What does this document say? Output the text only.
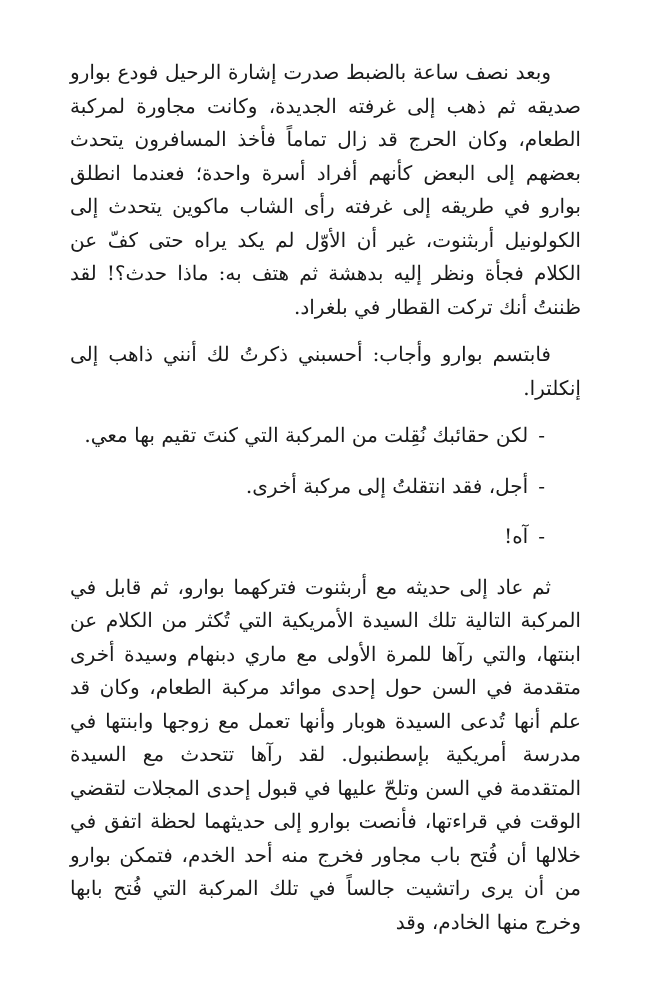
وبعد نصف ساعة بالضبط صدرت إشارة الرحيل فودع بوارو صديقه ثم ذهب إلى غرفته الجديدة، وكانت مجاورة لمركبة الطعام، وكان الحرج قد زال تماماً فأخذ المسافرون يتحدث بعضهم إلى البعض كأنهم أفراد أسرة واحدة؛ فعندما انطلق بوارو في طريقه إلى غرفته رأى الشاب ماكوين يتحدث إلى الكولونيل أربثنوت، غير أن الأوّل لم يكد يراه حتى كفّ عن الكلام فجأة ونظر إليه بدهشة ثم هتف به: ماذا حدث؟! لقد ظننتُ أنك تركت القطار في بلغراد.

فابتسم بوارو وأجاب: أحسبني ذكرتُ لك أنني ذاهب إلى إنكلترا.

-لكن حقائبك نُقِلت من المركبة التي كنتَ تقيم بها معي.
-أجل، فقد انتقلتُ إلى مركبة أخرى.
-آه!

ثم عاد إلى حديثه مع أربثنوت فتركهما بوارو، ثم قابل في المركبة التالية تلك السيدة الأمريكية التي تُكثر من الكلام عن ابنتها، والتي رآها للمرة الأولى مع ماري دبنهام وسيدة أخرى متقدمة في السن حول إحدى موائد مركبة الطعام، وكان قد علم أنها تُدعى السيدة هوبار وأنها تعمل مع زوجها وابنتها في مدرسة أمريكية بإسطنبول. لقد رآها تتحدث مع السيدة المتقدمة في السن وتلحّ عليها في قبول إحدى المجلات لتقضي الوقت في قراءتها، فأنصت بوارو إلى حديثهما لحظة اتفق في خلالها أن فُتح باب مجاور فخرج منه أحد الخدم، فتمكن بوارو من أن يرى راتشيت جالساً في تلك المركبة التي فُتح بابها وخرج منها الخادم، وقد
